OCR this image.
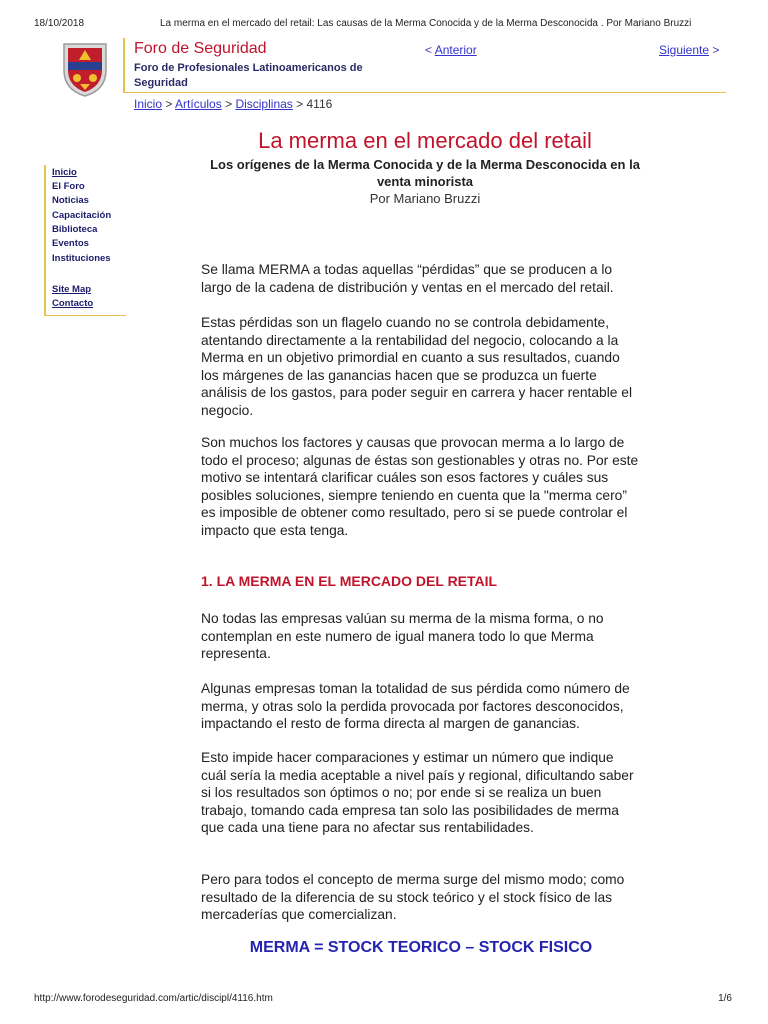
18/10/2018	La merma en el mercado del retail: Las causas de la Merma Conocida y de la Merma Desconocida . Por Mariano Bruzzi
Foro de Seguridad
Foro de Profesionales Latinoamericanos de Seguridad
< Anterior	Siguiente >
Inicio > Artículos > Disciplinas > 4116
Inicio
El Foro
Noticias
Capacitación
Biblioteca
Eventos
Instituciones
Site Map
Contacto
La merma en el mercado del retail
Los orígenes de la Merma Conocida y de la Merma Desconocida en la venta minorista
Por Mariano Bruzzi
Se llama MERMA a todas aquellas “pérdidas” que se producen a lo largo de la cadena de distribución y ventas en el mercado del retail.
Estas pérdidas son un flagelo cuando no se controla debidamente, atentando directamente a la rentabilidad del negocio, colocando a la Merma en un objetivo primordial en cuanto a sus resultados, cuando los márgenes de las ganancias hacen que se produzca un fuerte análisis de los gastos, para poder seguir en carrera y hacer rentable el negocio.
Son muchos los factores y causas que provocan merma a lo largo de todo el proceso; algunas de éstas son gestionables y otras no. Por este motivo se intentará clarificar cuáles son esos factores y cuáles sus posibles soluciones, siempre teniendo en cuenta que la "merma cero” es imposible de obtener como resultado, pero si se puede controlar el impacto que esta tenga.
1. LA MERMA EN EL MERCADO DEL RETAIL
No todas las empresas valúan su merma de la misma forma, o no contemplan en este numero de igual manera todo lo que Merma representa.
Algunas empresas toman la totalidad de sus pérdida como número de merma, y otras solo la perdida provocada por factores desconocidos, impactando el resto de forma directa al margen de ganancias.
Esto impide hacer comparaciones y estimar un número que indique cuál sería la media aceptable a nivel país y regional, dificultando saber si los resultados son óptimos o no; por ende si se realiza un buen trabajo, tomando cada empresa tan solo las posibilidades de merma que cada una tiene para no afectar sus rentabilidades.
Pero para todos el concepto de merma surge del mismo modo; como resultado de la diferencia de su stock teórico y el stock físico de las mercaderías que comercializan.
MERMA = STOCK TEORICO – STOCK FISICO
http://www.forodeseguridad.com/artic/discipl/4116.htm	1/6
